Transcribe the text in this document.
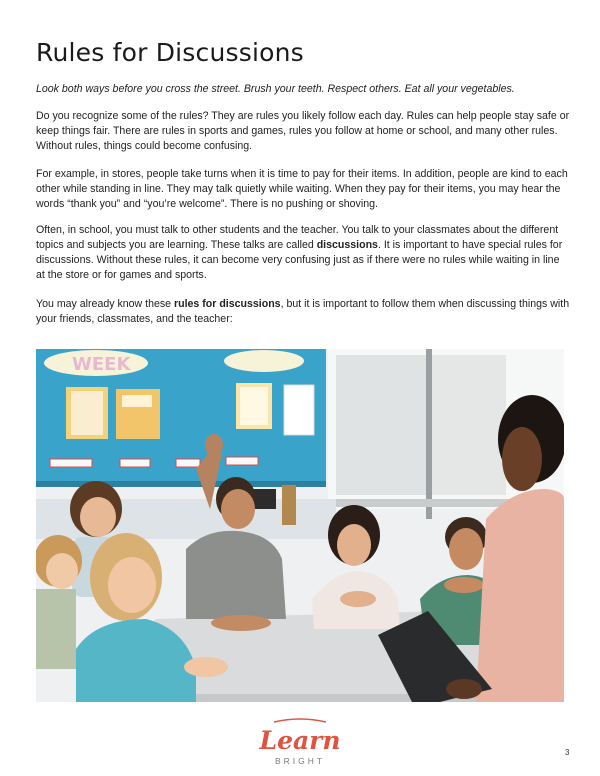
Rules for Discussions

Look both ways before you cross the street. Brush your teeth. Respect others. Eat all your vegetables.

Do you recognize some of the rules? They are rules you likely follow each day. Rules can help people stay safe or keep things fair. There are rules in sports and games, rules you follow at home or school, and many other rules. Without rules, things could become confusing.

For example, in stores, people take turns when it is time to pay for their items. In addition, people are kind to each other while standing in line. They may talk quietly while waiting. When they pay for their items, you may hear the words “thank you” and “you’re welcome”. There is no pushing or shoving.

Often, in school, you must talk to other students and the teacher. You talk to your classmates about the different topics and subjects you are learning. These talks are called discussions. It is important to have special rules for discussions. Without these rules, it can become very confusing just as if there were no rules while waiting in line at the store or for games and sports.

You may already know these rules for discussions, but it is important to follow them when discussing things with your friends, classmates, and the teacher:

WEEK
Learn
BRIGHT
3
